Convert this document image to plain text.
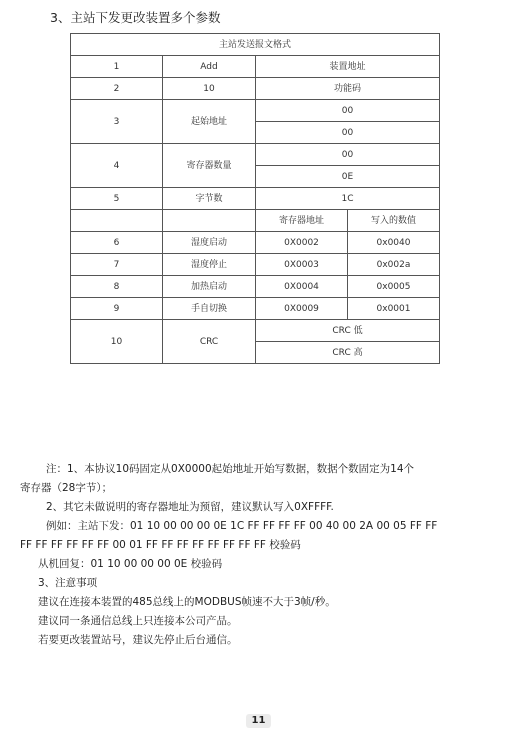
3、主站下发更改装置多个参数
主站发送报文格式			
1	Add	装置地址	
2	10	功能码	
3	起始地址	00	
		00	
4	寄存器数量	00	
		0E	
5	字节数	1C	
		寄存器地址	写入的数值
6	湿度启动	0X0002	0x0040
7	湿度停止	0X0003	0x002a
8	加热启动	0X0004	0x0005
9	手自切换	0X0009	0x0001
10	CRC	CRC 低	
		CRC 高	

注：1、本协议10码固定从0X0000起始地址开始写数据，数据个数固定为14个

寄存器（28字节）；

2、其它未做说明的寄存器地址为预留，建议默认写入0XFFFF.

例如：主站下发：01 10 00 00 00 0E 1C FF FF FF FF 00 40 00 2A 00 05 FF FF

FF FF FF FF FF FF 00 01 FF FF FF FF FF FF FF FF 校验码

从机回复：01 10 00 00 00 0E 校验码

3、注意事项

建议在连接本装置的485总线上的MODBUS帧速不大于3帧/秒。

建议同一条通信总线上只连接本公司产品。

若要更改装置站号，建议先停止后台通信。

11
